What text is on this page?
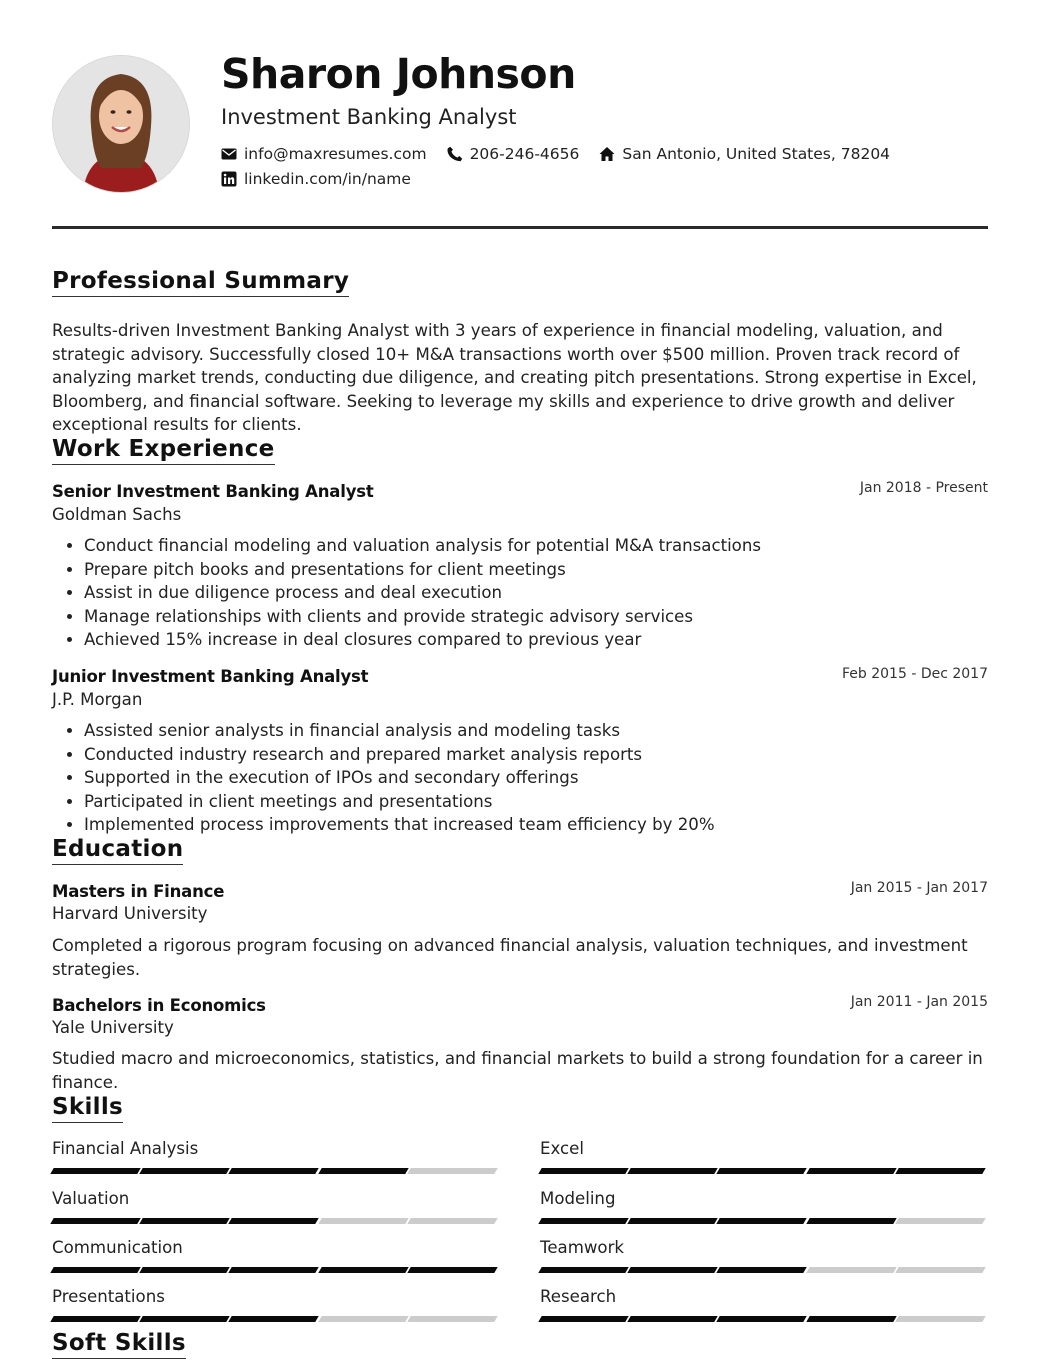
Sharon Johnson
Investment Banking Analyst
info@maxresumes.com	206-246-4656	San Antonio, United States, 78204
linkedin.com/in/name
Professional Summary
Results-driven Investment Banking Analyst with 3 years of experience in financial modeling, valuation, and strategic advisory. Successfully closed 10+ M&A transactions worth over $500 million. Proven track record of analyzing market trends, conducting due diligence, and creating pitch presentations. Strong expertise in Excel, Bloomberg, and financial software. Seeking to leverage my skills and experience to drive growth and deliver exceptional results for clients.
Work Experience
Senior Investment Banking Analyst	Jan 2018 - Present
Goldman Sachs
• Conduct financial modeling and valuation analysis for potential M&A transactions
• Prepare pitch books and presentations for client meetings
• Assist in due diligence process and deal execution
• Manage relationships with clients and provide strategic advisory services
• Achieved 15% increase in deal closures compared to previous year
Junior Investment Banking Analyst	Feb 2015 - Dec 2017
J.P. Morgan
• Assisted senior analysts in financial analysis and modeling tasks
• Conducted industry research and prepared market analysis reports
• Supported in the execution of IPOs and secondary offerings
• Participated in client meetings and presentations
• Implemented process improvements that increased team efficiency by 20%
Education
Masters in Finance	Jan 2015 - Jan 2017
Harvard University
Completed a rigorous program focusing on advanced financial analysis, valuation techniques, and investment strategies.
Bachelors in Economics	Jan 2011 - Jan 2015
Yale University
Studied macro and microeconomics, statistics, and financial markets to build a strong foundation for a career in finance.
Skills
Financial Analysis	Excel
Valuation	Modeling
Communication	Teamwork
Presentations	Research
Soft Skills
